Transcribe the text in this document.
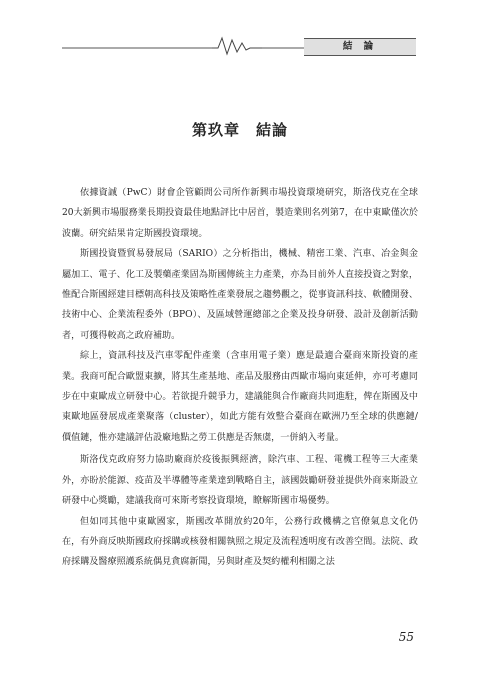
結 論
第玖章　結論

依據資誠（PwC）財會企管顧問公司所作新興市場投資環境研究，斯洛伐克在全球20大新興市場服務業長期投資最佳地點評比中居首，製造業則名列第7，在中東歐僅次於波蘭。研究結果肯定斯國投資環境。

斯國投資暨貿易發展局（SARIO）之分析指出，機械、精密工業、汽車、冶金與金屬加工、電子、化工及製藥產業固為斯國傳統主力產業，亦為目前外人直接投資之對象，惟配合斯國經建目標朝高科技及策略性產業發展之趨勢觀之，從事資訊科技、軟體開發、技術中心、企業流程委外（BPO）、及區域營運總部之企業及投身研發、設計及創新活動者，可獲得較高之政府補助。

綜上，資訊科技及汽車零配件產業（含車用電子業）應是最適合臺商來斯投資的產業。我商可配合歐盟東擴，將其生產基地、產品及服務由西歐市場向東延伸，亦可考慮同步在中東歐成立研發中心。若欲提升競爭力，建議能與合作廠商共同進駐，俾在斯國及中東歐地區發展成產業聚落（cluster），如此方能有效整合臺商在歐洲乃至全球的供應鏈/價值鏈，惟亦建議評估設廠地點之勞工供應是否無虞，一併納入考量。

斯洛伐克政府努力協助廠商於疫後振興經濟，除汽車、工程、電機工程等三大產業外，亦盼於能源、疫苗及半導體等產業達到戰略自主，該國鼓勵研發並提供外商來斯設立研發中心獎勵，建議我商可來斯考察投資環境，瞭解斯國市場優勢。

但如同其他中東歐國家，斯國改革開放約20年，公務行政機構之官僚氣息文化仍在，有外商反映斯國政府採購或核發相關執照之規定及流程透明度有改善空間。法院、政府採購及醫療照護系統偶見貪腐新聞，另與財產及契約權利相關之法

55
